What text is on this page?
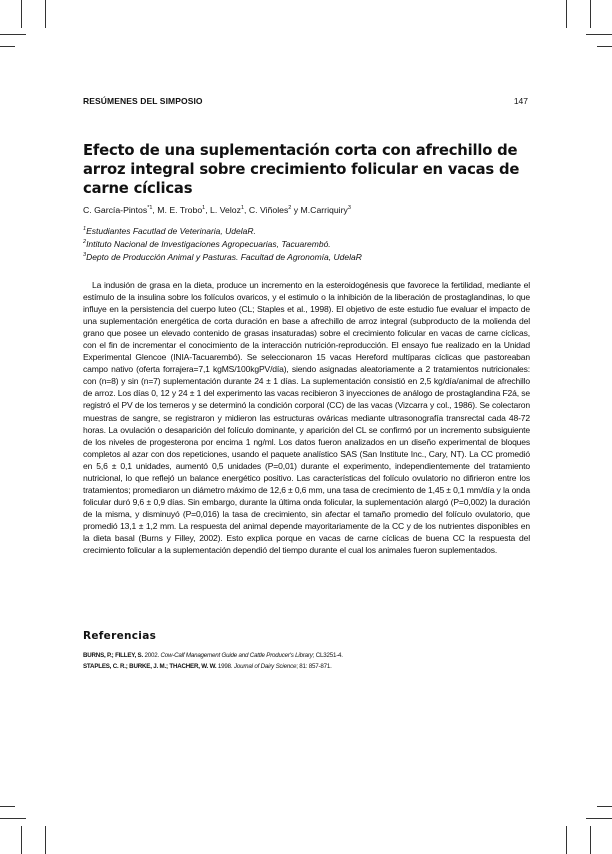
RESÚMENES DEL SIMPOSIO	147
Efecto de una suplementación corta con afrechillo de arroz integral sobre crecimiento folicular en vacas de carne cíclicas
C. García-Pintos$^{*1}$, M. E. Trobo$^1$, L. Veloz$^1$, C. Viñoles$^2$ y M.Carriquiry$^3$
$^1$Estudiantes Facutlad de Veterinaria, UdelaR.
$^2$Intituto Nacional de Investigaciones Agropecuarias, Tacuarembó.
$^3$Depto de Producción Animal y Pasturas. Facultad de Agronomía, UdelaR

La indusión de grasa en la dieta, produce un incremento en la esteroidogénesis que favorece la fertilidad, mediante el estímulo de la insulina sobre los folículos ovaricos, y el estimulo o la inhibición de la liberación de prostaglandinas, lo que influye en la persistencia del cuerpo luteo (CL; Staples et al., 1998). El objetivo de este estudio fue evaluar el impacto de una suplementación energética de corta duración en base a afrechillo de arroz integral (subproducto de la molienda del grano que posee un elevado contenido de grasas insaturadas) sobre el crecimiento folicular en vacas de carne cíclicas, con el fin de incrementar el conocimiento de la interacción nutrición-reproducción. El ensayo fue realizado en la Unidad Experimental Glencoe (INIA-Tacuarembó). Se seleccionaron 15 vacas Hereford multíparas cíclicas que pastoreaban campo nativo (oferta forrajera=7,1 kgMS/100kgPV/día), siendo asignadas aleatoriamente a 2 tratamientos nutricionales: con (n=8) y sin (n=7) suplementación durante 24 ± 1 días. La suplementación consistió en 2,5 kg/día/animal de afrechillo de arroz. Los días 0, 12 y 24 ± 1 del experimento las vacas recibieron 3 inyecciones de análogo de prostaglandina F2á, se registró el PV de los terneros y se determinó la condición corporal (CC) de las vacas (Vizcarra y col., 1986). Se colectaron muestras de sangre, se registraron y midieron las estructuras ováricas mediante ultrasonografía transrectal cada 48-72 horas. La ovulación o desaparición del folículo dominante, y aparición del CL se confirmó por un incremento subsiguiente de los niveles de progesterona por encima 1 ng/ml. Los datos fueron analizados en un diseño experimental de bloques completos al azar con dos repeticiones, usando el paquete analístico SAS (San Institute Inc., Cary, NT). La CC promedió en 5,6 ± 0,1 unidades, aumentó 0,5 unidades (P=0,01) durante el experimento, independientemente del tratamiento nutricional, lo que reflejó un balance energético positivo. Las características del folículo ovulatorio no difirieron entre los tratamientos; promediaron un diámetro máximo de 12,6 ± 0,6 mm, una tasa de crecimiento de 1,45 ± 0,1 mm/día y la onda folicular duró 9,6 ± 0,9 días. Sin embargo, durante la última onda folicular, la suplementación alargó (P=0,002) la duración de la misma, y disminuyó (P=0,016) la tasa de crecimiento, sin afectar el tamaño promedio del folículo ovulatorio, que promedió 13,1 ± 1,2 mm. La respuesta del animal depende mayoritariamente de la CC y de los nutrientes disponibles en la dieta basal (Burns y Filley, 2002). Esto explica porque en vacas de carne cíclicas de buena CC la respuesta del crecimiento folicular a la suplementación dependió del tiempo durante el cual los animales fueron suplementados.

Referencias
BURNS, P.; FILLEY, S. 2002. Cow-Calf Management Guide and Cattle Producer's Library; CL3251-4.
STAPLES, C. R.; BURKE, J. M.; THACHER, W. W. 1998. Journal of Dairy Science; 81: 857-871.
